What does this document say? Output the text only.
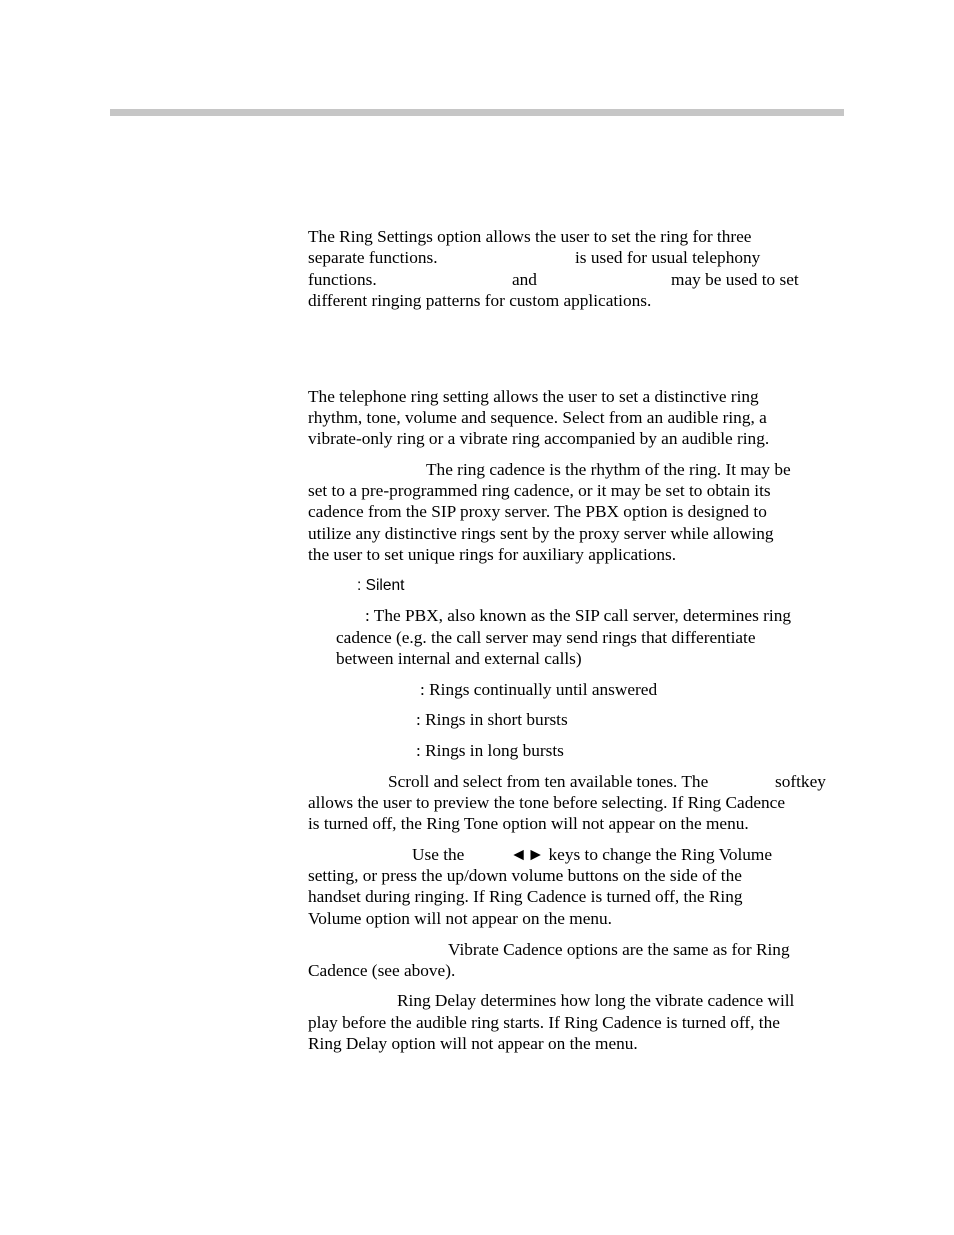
The Ring Settings option allows the user to set the ring for three

separate functions.	is used for usual telephony

functions.	and	may be used to set

different ringing patterns for custom applications.

The telephone ring setting allows the user to set a distinctive ring

rhythm, tone, volume and sequence. Select from an audible ring, a

vibrate-only ring or a vibrate ring accompanied by an audible ring.

The ring cadence is the rhythm of the ring. It may be

set to a pre-programmed ring cadence, or it may be set to obtain its

cadence from the SIP proxy server. The PBX option is designed to

utilize any distinctive rings sent by the proxy server while allowing

the user to set unique rings for auxiliary applications.

: Silent

: The PBX, also known as the SIP call server, determines ring

cadence (e.g. the call server may send rings that differentiate

between internal and external calls)

: Rings continually until answered

: Rings in short bursts

: Rings in long bursts

Scroll and select from ten available tones. The	softkey

allows the user to preview the tone before selecting. If Ring Cadence

is turned off, the Ring Tone option will not appear on the menu.

Use the	◄► keys to change the Ring Volume

setting, or press the up/down volume buttons on the side of the

handset during ringing. If Ring Cadence is turned off, the Ring

Volume option will not appear on the menu.

Vibrate Cadence options are the same as for Ring

Cadence (see above).

Ring Delay determines how long the vibrate cadence will

play before the audible ring starts. If Ring Cadence is turned off, the

Ring Delay option will not appear on the menu.
